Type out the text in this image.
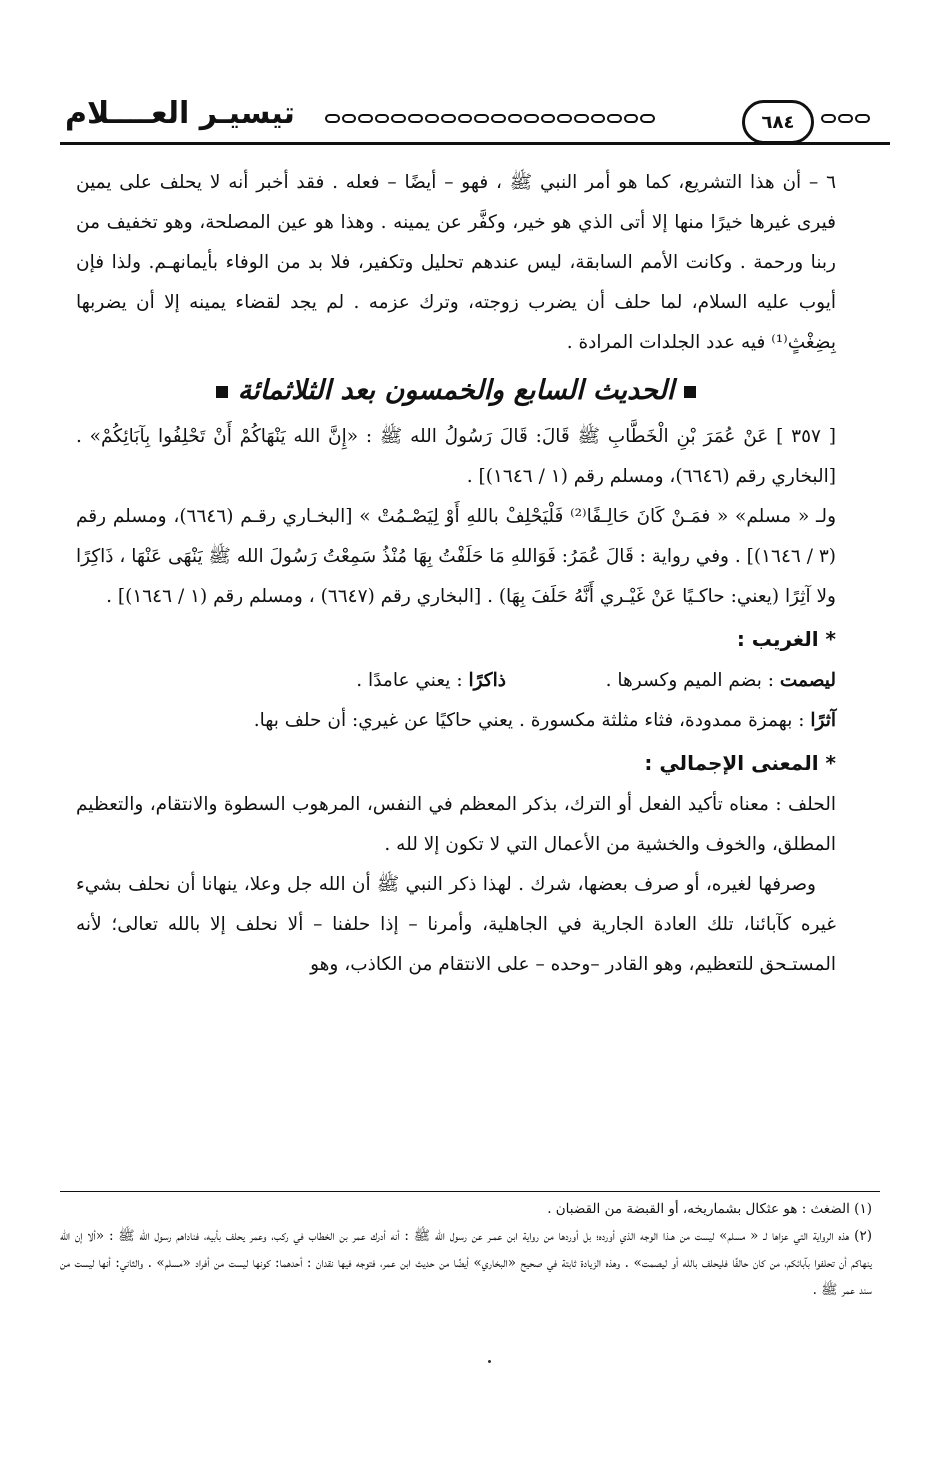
تيسيـر العــــلام	٦٨٤

٦ – أن هذا التشريع، كما هو أمر النبي ﷺ ، فهو – أيضًا – فعله . فقد أخبر أنه لا يحلف على يمين فيرى غيرها خيرًا منها إلا أتى الذي هو خير، وكفَّر عن يمينه . وهذا هو عين المصلحة، وهو تخفيف من ربنا ورحمة . وكانت الأمم السابقة، ليس عندهم تحليل وتكفير، فلا بد من الوفاء بأيمانهـم. ولذا فإن أيوب عليه السلام، لما حلف أن يضرب زوجته، وترك عزمه . لم يجد لقضاء يمينه إلا أن يضربها بِضِغْثٍ⁽¹⁾ فيه عدد الجلدات المرادة .

الحديث السابع والخمسون بعد الثلاثمائة

[ ٣٥٧ ] عَنْ عُمَرَ بْنِ الْخَطَّابِ ﷺ قَالَ: قَالَ رَسُولُ الله ﷺ : «إِنَّ الله يَنْهَاكُمْ أَنْ تَحْلِفُوا بِآبَائِكُمْ» . [البخاري رقم (٦٦٤٦)، ومسلم رقم (١ / ١٦٤٦)] .

ولـ « مسلم» « فمَـنْ كَانَ حَالِـفًا⁽²⁾ فَلْيَحْلِفْ باللهِ أَوْ لِيَصْـمُتْ » [البخـاري رقـم (٦٦٤٦)، ومسلم رقم (٣ / ١٦٤٦)] . وفي رواية : قَالَ عُمَرُ: فَوَاللهِ مَا حَلَفْتُ بِهَا مُنْذُ سَمِعْتُ رَسُولَ الله ﷺ يَنْهَى عَنْهَا ، ذَاكِرًا ولا آثِرًا (يعني: حاكـيًا عَنْ غَيْـري أَنَّهُ حَلَفَ بِهَا) . [البخاري رقم (٦٦٤٧) ، ومسلم رقم (١ / ١٦٤٦)] .

* الغريب :
ليصمت : بضم الميم وكسرها .
ذاكرًا : يعني عامدًا .
آثرًا : بهمزة ممدودة، فثاء مثلثة مكسورة . يعني حاكيًا عن غيري: أن حلف بها.
* المعنى الإجمالي :

الحلف : معناه تأكيد الفعل أو الترك، بذكر المعظم في النفس، المرهوب السطوة والانتقام، والتعظيم المطلق، والخوف والخشية من الأعمال التي لا تكون إلا لله .

وصرفها لغيره، أو صرف بعضها، شرك . لهذا ذكر النبي ﷺ أن الله جل وعلا، ينهانا أن نحلف بشيء غيره كآبائنا، تلك العادة الجارية في الجاهلية، وأمرنا – إذا حلفنا – ألا نحلف إلا بالله تعالى؛ لأنه المستـحق للتعظيم، وهو القادر –وحده – على الانتقام من الكاذب، وهو

(١) الضغث : هو عثكال بشماريخه، أو القبضة من القضبان .

(٢) هذه الرواية التي عزاها لـ « مسلم» ليست من هـذا الوجه الذي أورده؛ بل أوردها من رواية ابن عمـر عن رسول الله ﷺ : أنه أدرك عمر بن الخطاب في ركب، وعمر يحلف بأبيه، فناداهم رسول الله ﷺ : «ألا إن الله ينهاكم أن تحلفوا بآبائكم، من كان حالفًا فليحلف بالله أو ليصمت» . وهذه الزيادة ثابتة في صحيح «البخاري» أيضًا من حديث ابن عمر، فتوجه فيها نقدان : أحدهما: كونها ليست من أفراد «مسلم» . والثاني: أنها ليست من سند عمر ﷺ .
